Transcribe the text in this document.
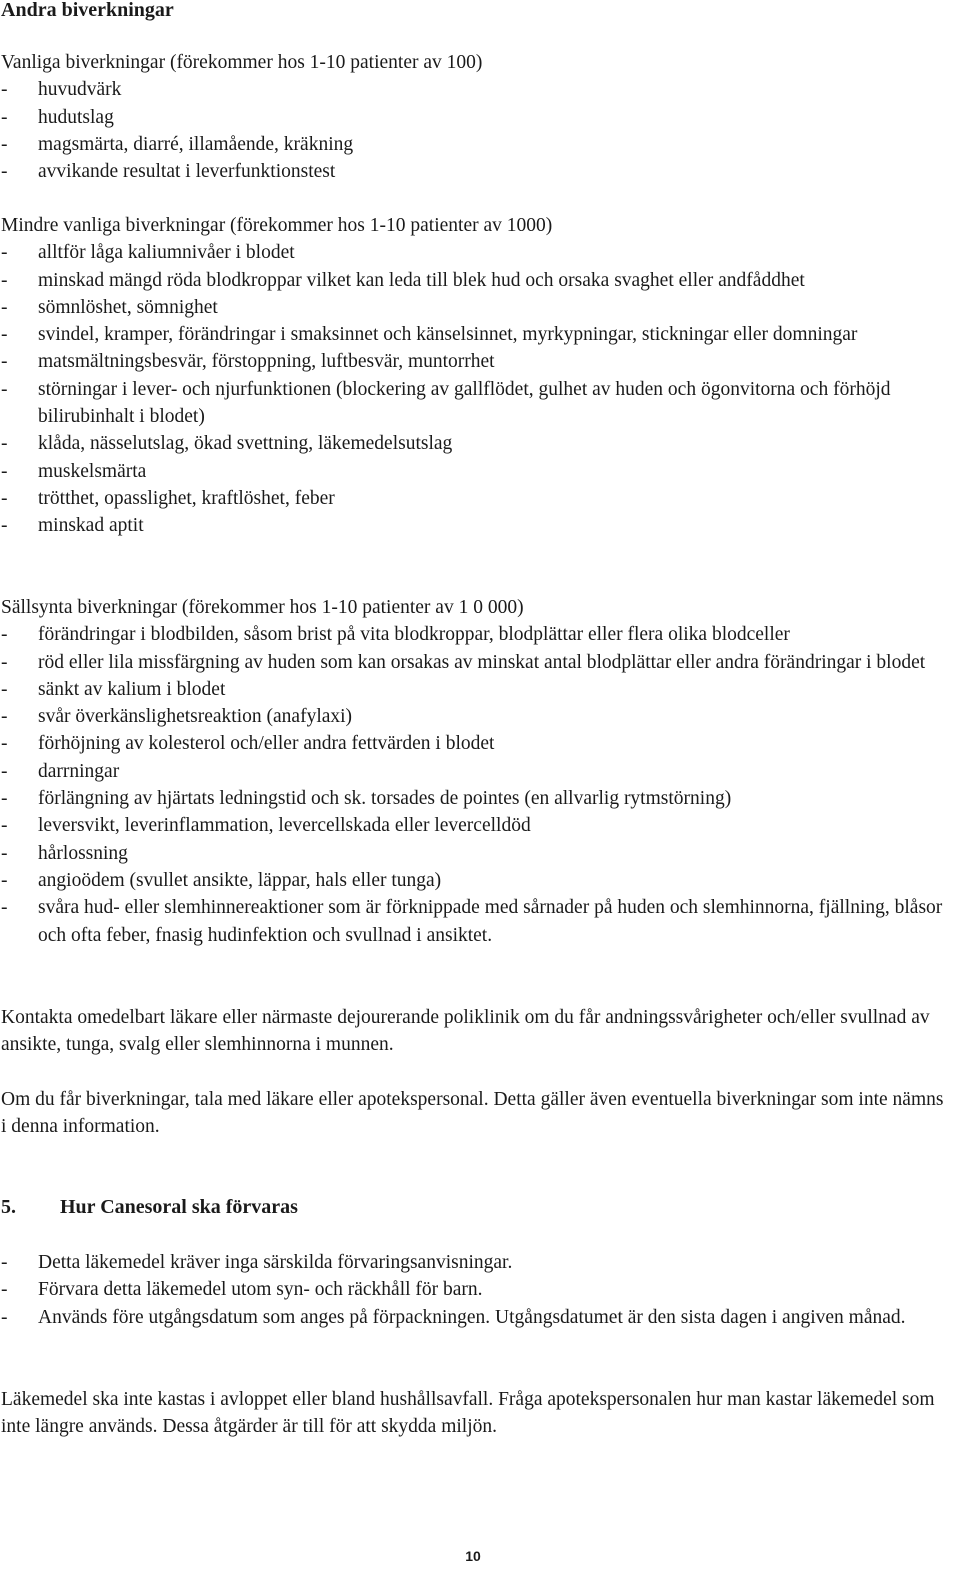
Andra biverkningar

Vanliga biverkningar (förekommer hos 1-10 patienter av 100)

- huvudvärk
- hudutslag
- magsmärta, diarré, illamående, kräkning
- avvikande resultat i leverfunktionstest

Mindre vanliga biverkningar (förekommer hos 1-10 patienter av 1000)

- alltför låga kaliumnivåer i blodet
- minskad mängd röda blodkroppar vilket kan leda till blek hud och orsaka svaghet eller andfåddhet
- sömnlöshet, sömnighet
- svindel, kramper, förändringar i smaksinnet och känselsinnet, myrkypningar, stickningar eller domningar
- matsmältningsbesvär, förstoppning, luftbesvär, muntorrhet
- störningar i lever- och njurfunktionen (blockering av gallflödet, gulhet av huden och ögonvitorna och förhöjd bilirubinhalt i blodet)
- klåda, nässelutslag, ökad svettning, läkemedelsutslag
- muskelsmärta
- trötthet, opasslighet, kraftlöshet, feber
- minskad aptit

Sällsynta biverkningar (förekommer hos 1-10 patienter av 1 0 000)

- förändringar i blodbilden, såsom brist på vita blodkroppar, blodplättar eller flera olika blodceller
- röd eller lila missfärgning av huden som kan orsakas av minskat antal blodplättar eller andra förändringar i blodet
- sänkt av kalium i blodet
- svår överkänslighetsreaktion (anafylaxi)
- förhöjning av kolesterol och/eller andra fettvärden i blodet
- darrningar
- förlängning av hjärtats ledningstid och sk. torsades de pointes (en allvarlig rytmstörning)
- leversvikt, leverinflammation, levercellskada eller levercelldöd
- hårlossning
- angioödem (svullet ansikte, läppar, hals eller tunga)
- svåra hud- eller slemhinnereaktioner som är förknippade med sårnader på huden och slemhinnorna, fjällning, blåsor och ofta feber, fnasig hudinfektion och svullnad i ansiktet.

Kontakta omedelbart läkare eller närmaste dejourerande poliklinik om du får andningssvårigheter och/eller svullnad av ansikte, tunga, svalg eller slemhinnorna i munnen.

Om du får biverkningar, tala med läkare eller apotekspersonal. Detta gäller även eventuella biverkningar som inte nämns i denna information.

5. Hur Canesoral ska förvaras
- Detta läkemedel kräver inga särskilda förvaringsanvisningar.
- Förvara detta läkemedel utom syn- och räckhåll för barn.
- Används före utgångsdatum som anges på förpackningen. Utgångsdatumet är den sista dagen i angiven månad.

Läkemedel ska inte kastas i avloppet eller bland hushållsavfall. Fråga apotekspersonalen hur man kastar läkemedel som inte längre används. Dessa åtgärder är till för att skydda miljön.

10
